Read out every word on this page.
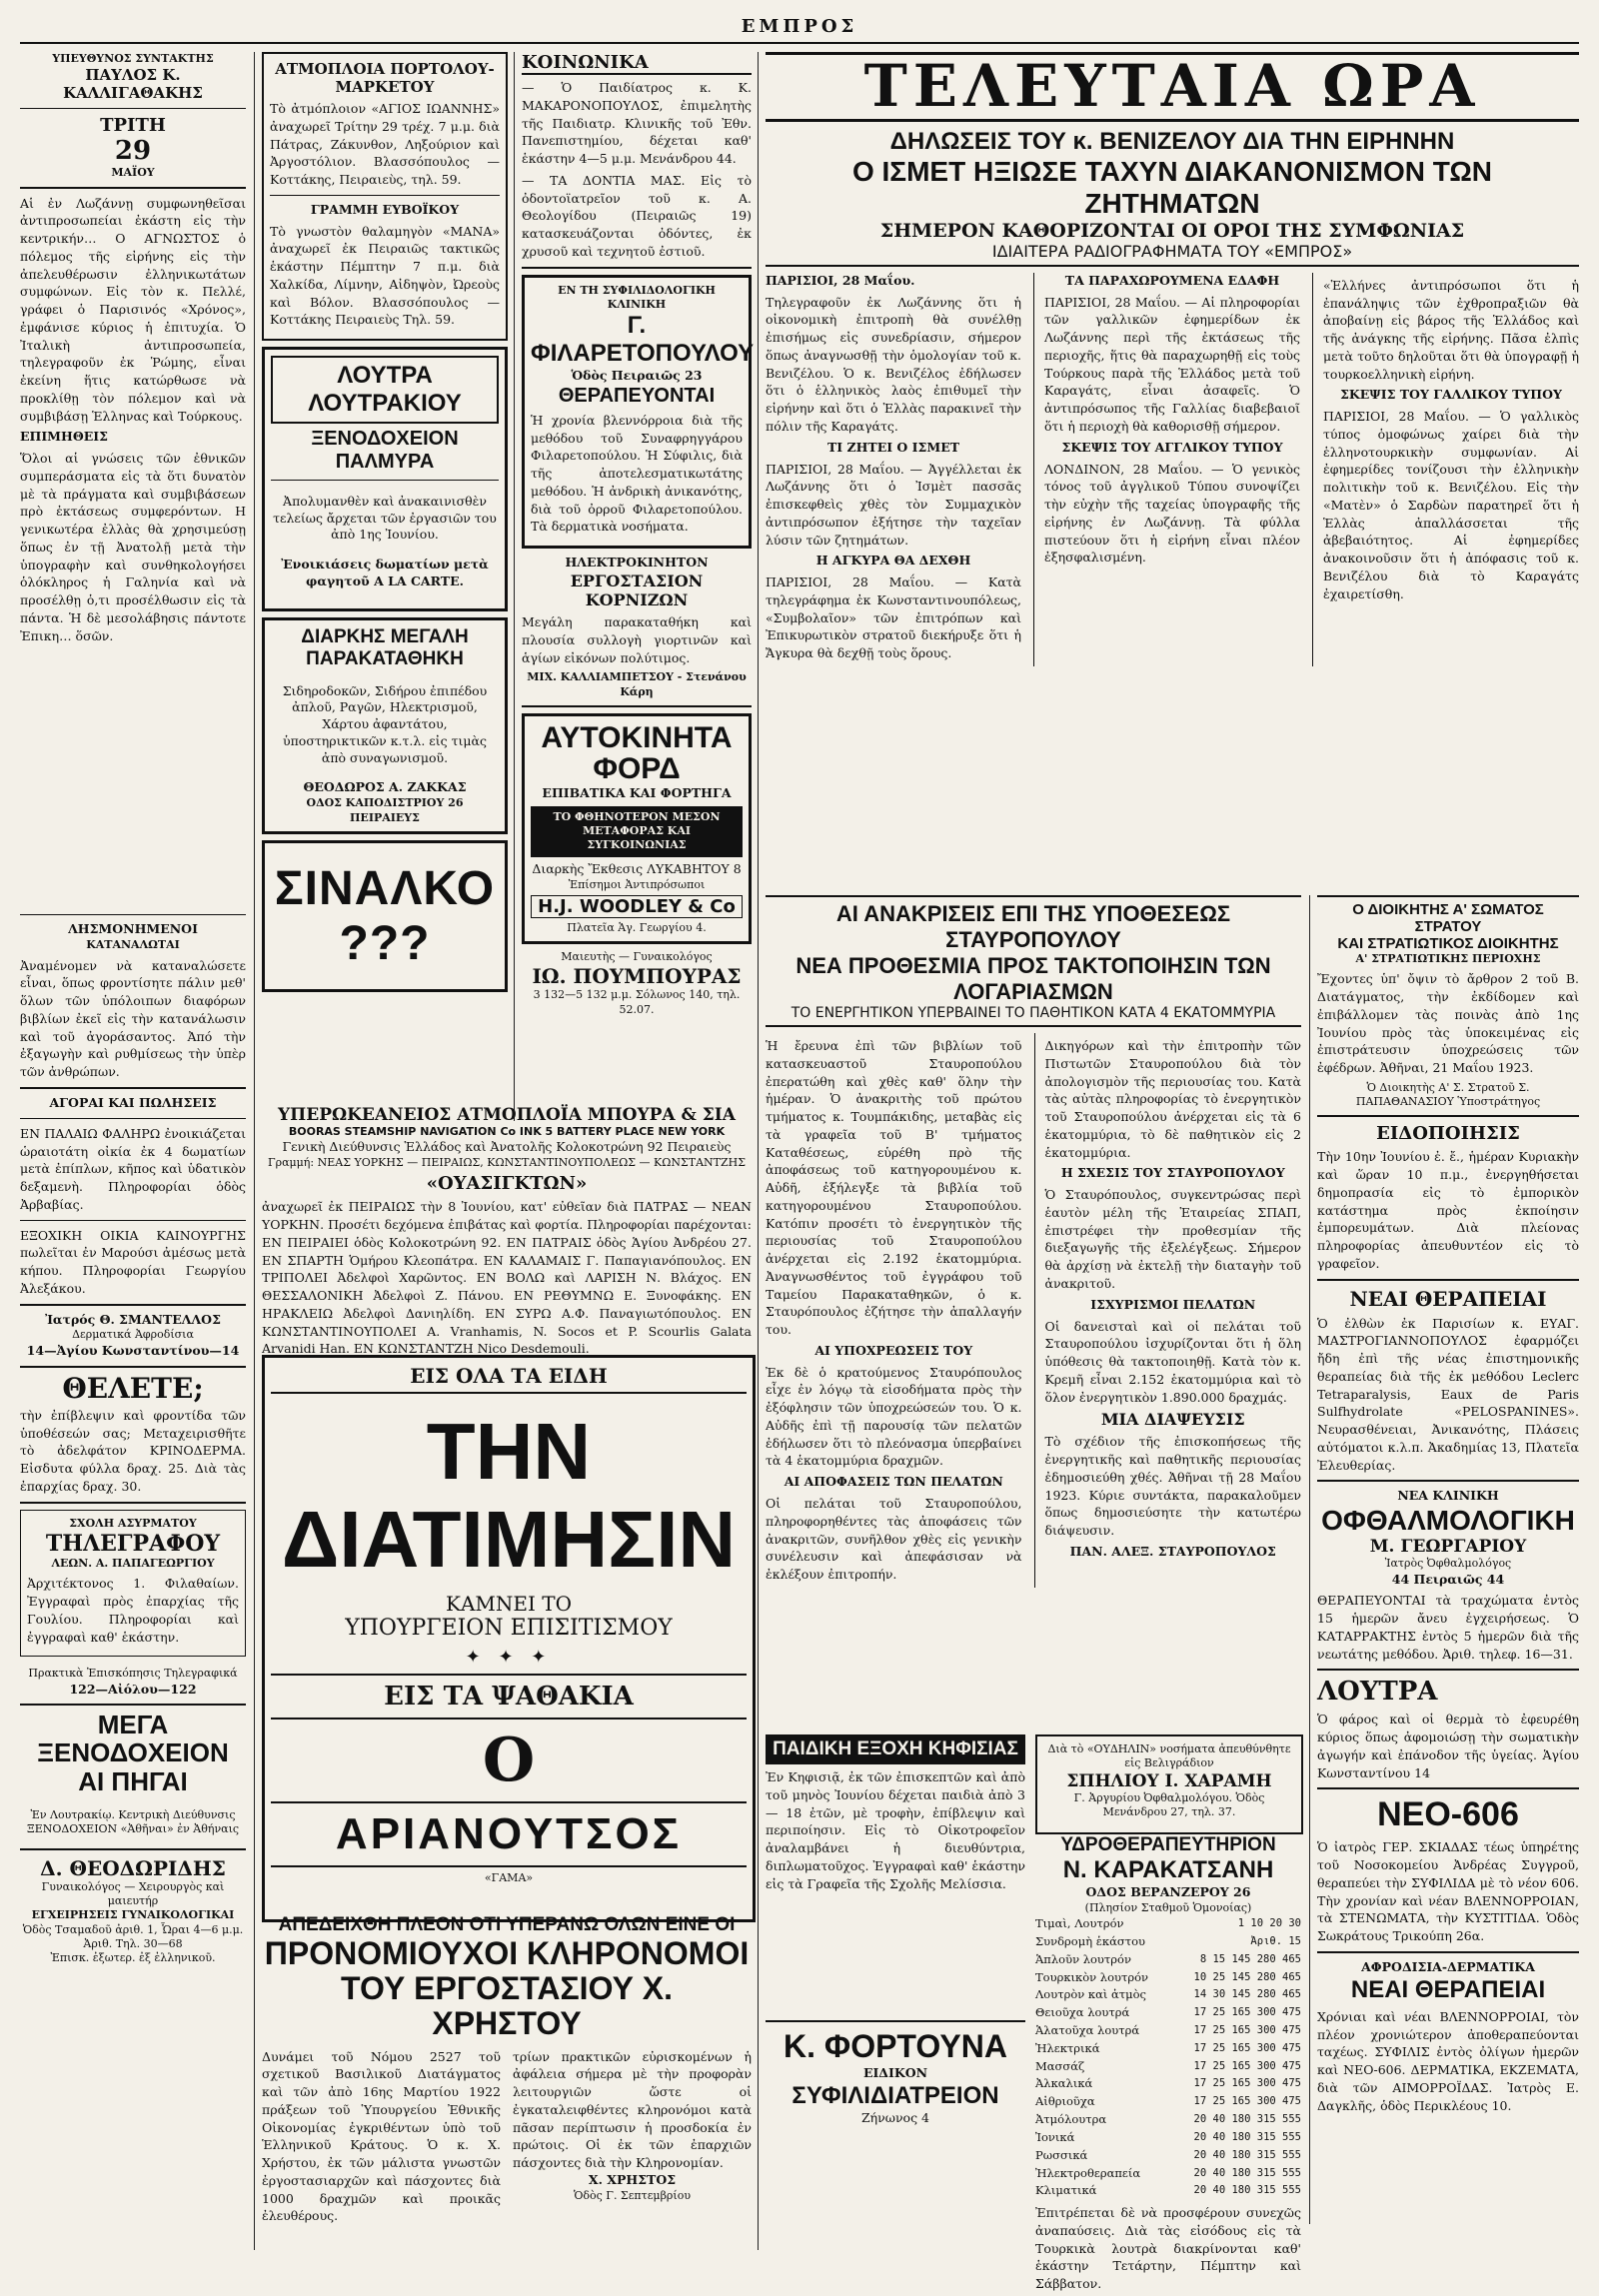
ΕΜΠΡΟΣ
ΥΠΕΥΘΥΝΟΣ ΣΥΝΤΑΚΤΗΣ
ΠΑΥΛΟΣ Κ. ΚΑΛΛΙΓΑΘΑΚΗΣ
ΤΡΙΤΗ
29
ΜΑΪΟΥ

Αἱ ἐν Λωζάννῃ συμφωνηθεῖσαι ἀντιπροσωπείαι ἐκάστη εἰς τὴν κεντρικήν… Ο ΑΓΝΩΣΤΟΣ ὁ πόλεμος τῆς εἰρήνης εἰς τὴν ἀπελευθέρωσιν ἐλληνικωτάτων συμφώνων. Εἰς τὸν κ. Πελλέ, γράφει ὁ Παρισινός «Χρόνος», ἐμφάνισε κύριος ἡ ἐπιτυχία. Ὁ Ἰταλικὴ ἀντιπροσωπεία, τηλεγραφοῦν ἐκ Ῥώμης, εἶναι ἐκείνη ἥτις κατώρθωσε νὰ προκλίθῃ τὸν πόλεμον καὶ νὰ συμβιβάσῃ Ἑλληνας καὶ Τούρκους.

ΕΠΙΜΗΘΕΙΣ

Ὅλοι αἱ γνώσεις τῶν ἐθνικῶν συμπεράσματα εἰς τὰ ὅτι δυνατὸν μὲ τὰ πράγματα καὶ συμβιβάσεων πρὸ ἐκτάσεως συμφερόντων. Η γενικωτέρα ἐλλὰς θὰ χρησιμεύσῃ ὅπως ἐν τῇ Ἀνατολῇ μετὰ τὴν ὑπογραφὴν καὶ συνθηκολογήσει ὁλόκληρος ἡ Γαληνία καὶ νὰ προσέλθῃ ὁ,τι προσέλθωσιν εἰς τὰ πάντα. Ἡ δὲ μεσολάβησις πάντοτε Ἐπικη… ὅσῶν.

ΛΗΣΜΟΝΗΜΕΝΟΙ
ΚΑΤΑΝΑΛΩΤΑΙ

Ἀναμένομεν νὰ καταναλώσετε εἶναι, ὅπως φροντίσητε πάλιν μεθ' ὅλων τῶν ὑπόλοιπων διαφόρων βιβλίων ἐκεῖ εἰς τὴν κατανάλωσιν καὶ τοῦ ἀγοράσαντος. Ἀπό τὴν ἐξαγωγὴν καὶ ρυθμίσεως τὴν ὑπὲρ τῶν ἀνθρώπων.

ΑΓΟΡΑΙ ΚΑΙ ΠΩΛΗΣΕΙΣ

ΕΝ ΠΑΛΑΙΩ ΦΑΛΗΡΩ ἐνοικιάζεται ὡραιοτάτη οἰκία ἐκ 4 δωματίων μετὰ ἐπίπλων, κῆπος καὶ ὑδατικὸν δεξαμενὴ. Πληροφορίαι ὁδὸς Ἀρβαβίας.

ΕΞΟΧΙΚΗ ΟΙΚΙΑ ΚΑΙΝΟΥΡΓΗΣ πωλεῖται ἐν Μαρούσι ἀμέσως μετὰ κήπου. Πληροφορίαι Γεωργίου Ἀλεξάκου.

Ἰατρός Θ. ΣΜΑΝΤΕΛΛΟΣ
Δερματικά Ἀφροδίσια
14—Ἀγίου Κωνσταντίνου—14
ΘΕΛΕΤΕ;

τὴν ἐπίβλεψιν καὶ φροντίδα τῶν ὑποθέσεών σας; Μεταχειρισθῆτε τὸ ἀδελφάτον ΚΡΙΝΟΔΕΡΜΑ. Εἰσδυτα φύλλα δραχ. 25. Διὰ τὰς ἐπαρχίας δραχ. 30.

ΣΧΟΛΗ ΑΣΥΡΜΑΤΟΥ
ΤΗΛΕΓΡΑΦΟΥ
ΛΕΩΝ. Α. ΠΑΠΑΓΕΩΡΓΙΟΥ

Ἀρχιτέκτονος 1. Φιλαθαίων. Ἐγγραφαὶ πρὸς ἐπαρχίας τῆς Γουλίου. Πληροφορίαι καὶ ἐγγραφαὶ καθ' ἑκάστην.

Πρακτικὰ Ἐπισκόπησις Τηλεγραφικά
122—Αἰόλου—122
ΜΕΓΑ ΞΕΝΟΔΟΧΕΙΟΝ
ΑΙ ΠΗΓΑΙ

Ἐν Λουτρακίῳ. Κεντρικὴ Διεύθυνσις ΞΕΝΟΔΟΧΕΙΟΝ «Ἀθῆναι» ἐν Ἀθήναις

Δ. ΘΕΟΔΩΡΙΔΗΣ
Γυναικολόγος — Χειρουργὸς καὶ μαιευτήρ
ΕΓΧΕΙΡΗΣΕΙΣ ΓΥΝΑΙΚΟΛΟΓΙΚΑΙ
Ὁδὸς Τσαμαδοῦ ἀριθ. 1, Ὧραι 4—6 μ.μ. Ἀριθ. Τηλ. 30—68
Ἐπισκ. ἐξωτερ. ἐξ ἐλληνικοῦ.
ΑΤΜΟΠΛΟΙΑ ΠΟΡΤΟΛΟΥ-ΜΑΡΚΕΤΟΥ

Τὸ ἀτμόπλοιον «ΑΓΙΟΣ ΙΩΑΝΝΗΣ» ἀναχωρεῖ Τρίτην 29 τρέχ. 7 μ.μ. διὰ Πάτρας, Ζάκυνθον, Ληξούριον καὶ Ἀργοστόλιον. Βλασσόπουλος — Κοττάκης, Πειραιεὺς, τηλ. 59.

ΓΡΑΜΜΗ ΕΥΒΟΪΚΟΥ

Τὸ γνωστὸν θαλαμηγὸν «ΜΑΝΑ» ἀναχωρεῖ ἐκ Πειραιῶς τακτικῶς ἑκάστην Πέμπτην 7 π.μ. διὰ Χαλκίδα, Λίμνην, Αἰδηψὸν, Ὠρεοὺς καὶ Βόλον. Βλασσόπουλος — Κοττάκης Πειραιεὺς Τηλ. 59.

ΛΟΥΤΡΑ ΛΟΥΤΡΑΚΙΟΥ
ΞΕΝΟΔΟΧΕΙΟΝ ΠΑΛΜΥΡΑ

Ἀπολυμανθὲν καὶ ἀνακαινισθὲν τελείως ἄρχεται τῶν ἐργασιῶν του ἀπὸ 1ης Ἰουνίου.

Ἐνοικιάσεις δωματίων μετὰ φαγητοῦ A LA CARTE.

ΔΙΑΡΚΗΣ ΜΕΓΑΛΗ ΠΑΡΑΚΑΤΑΘΗΚΗ

Σιδηροδοκῶν, Σιδήρου ἐπιπέδου ἀπλοῦ, Ραγῶν, Ηλεκτρισμοῦ, Χάρτου ἀφαντάτου, ὑποστηρικτικῶν κ.τ.λ. εἰς τιμὰς ἀπὸ συναγωνισμοῦ.

ΘΕΟΔΩΡΟΣ Α. ΖΑΚΚΑΣ
ΟΔΟΣ ΚΑΠΟΔΙΣΤΡΙΟΥ 26 ΠΕΙΡΑΙΕΥΣ
ΣΙΝΑΛΚΟ ???
ΚΟΙΝΩΝΙΚΑ

— Ὁ Παιδίατρος κ. Κ. ΜΑΚΑΡΟΝΟΠΟΥΛΟΣ, ἐπιμελητὴς τῆς Παιδιατρ. Κλινικῆς τοῦ Ἐθν. Πανεπιστημίου, δέχεται καθ' ἑκάστην 4—5 μ.μ. Μενάνδρου 44.

— ΤΑ ΔΟΝΤΙΑ ΜΑΣ. Εἰς τὸ ὀδοντοϊατρεῖον τοῦ κ. Α. Θεολογίδου (Πειραιῶς 19) κατασκευάζονται ὀδόντες, ἐκ χρυσοῦ καὶ τεχνητοῦ ἐστιοῦ.

ΕΝ ΤΗ ΣΥΦΙΛΙΔΟΛΟΓΙΚΗ ΚΛΙΝΙΚΗ
Γ. ΦΙΛΑΡΕΤΟΠΟΥΛΟΥ
Ὁδὸς Πειραιῶς 23
ΘΕΡΑΠΕΥΟΝΤΑΙ

Ἡ χρονία βλεννόρροια διὰ τῆς μεθόδου τοῦ Συναφρηγγάρου Φιλαρετοπούλου. Ἡ Σύφιλις, διὰ τῆς ἀποτελεσματικωτάτης μεθόδου. Ἡ ἀνδρικὴ ἀνικανότης, διὰ τοῦ ὀρροῦ Φιλαρετοπούλου. Τὰ δερματικὰ νοσήματα.

ΗΛΕΚΤΡΟΚΙΝΗΤΟΝ
ΕΡΓΟΣΤΑΣΙΟΝ ΚΟΡΝΙΖΩΝ

Μεγάλη παρακαταθήκη καὶ πλουσία συλλογὴ γιορτινῶν καὶ ἁγίων εἰκόνων πολύτιμος.

ΜΙΧ. ΚΑΛΛΙΑΜΠΕΤΣΟΥ - Στενάνου Κάρη
ΑΥΤΟΚΙΝΗΤΑ ΦΟΡΔ
ΕΠΙΒΑΤΙΚΑ ΚΑΙ ΦΟΡΤΗΓΑ
ΤΟ ΦΘΗΝΟΤΕΡΟΝ ΜΕΣΟΝ ΜΕΤΑΦΟΡΑΣ ΚΑΙ ΣΥΓΚΟΙΝΩΝΙΑΣ
Διαρκὴς Ἔκθεσις ΛΥΚΑΒΗΤΟΥ 8
Ἐπίσημοι Ἀντιπρόσωποι
H.J. WOODLEY & Co
Πλατεῖα Ἁγ. Γεωργίου 4.
Μαιευτὴς — Γυναικολόγος
ΙΩ. ΠΟΥΜΠΟΥΡΑΣ
3 132—5 132 μ.μ. Σόλωνος 140, τηλ. 52.07.
ΥΠΕΡΩΚΕΑΝΕΙΟΣ ΑΤΜΟΠΛΟΪΑ ΜΠΟΥΡΑ & ΣΙΑ
BOORAS STEAMSHIP NAVIGATION Co INK 5 BATTERY PLACE NEW YORK
Γενικὴ Διεύθυνσις Ἑλλάδος καὶ Ἀνατολῆς Κολοκοτρώνη 92 Πειραιεὺς
Γραμμή: ΝΕΑΣ ΥΟΡΚΗΣ — ΠΕΙΡΑΙΩΣ, ΚΩΝΣΤΑΝΤΙΝΟΥΠΟΛΕΩΣ — ΚΩΝΣΤΑΝΤΖΗΣ
«ΟΥΑΣΙΓΚΤΩΝ»

ἀναχωρεῖ ἐκ ΠΕΙΡΑΙΩΣ τὴν 8 Ἰουνίου, κατ' εὐθεῖαν διὰ ΠΑΤΡΑΣ — ΝΕΑΝ ΥΟΡΚΗΝ. Προσέτι δεχόμενα ἐπιβάτας καὶ φορτία. Πληροφορίαι παρέχονται: ΕΝ ΠΕΙΡΑΙΕΙ ὁδὸς Κολοκοτρώνη 92. ΕΝ ΠΑΤΡΑΙΣ ὁδὸς Ἁγίου Ἀνδρέου 27. ΕΝ ΣΠΑΡΤΗ Ὁμήρου Κλεοπάτρα. ΕΝ ΚΑΛΑΜΑΙΣ Γ. Παπαγιανόπουλος. ΕΝ ΤΡΙΠΟΛΕΙ Ἀδελφοὶ Χαρῶντος. ΕΝ ΒΟΛΩ καὶ ΛΑΡΙΣΗ Ν. Βλάχος. ΕΝ ΘΕΣΣΑΛΟΝΙΚΗ Ἀδελφοὶ Ζ. Πάνου. ΕΝ ΡΕΘΥΜΝΩ Ε. Ξυνοφάκης. ΕΝ ΗΡΑΚΛΕΙΩ Ἀδελφοὶ Δανιηλίδη. ΕΝ ΣΥΡΩ Α.Φ. Παναγιωτόπουλος. ΕΝ ΚΩΝΣΤΑΝΤΙΝΟΥΠΟΛΕΙ A. Vranhamis, N. Socos et P. Scourlis Galata Arvanidi Han. ΕΝ ΚΩΝΣΤΑΝΤΖΗ Nico Desdemouli.

ΕΙΣ ΟΛΑ ΤΑ ΕΙΔΗ
ΤΗΝ ΔΙΑΤΙΜΗΣΙΝ
ΚΑΜΝΕΙ ΤΟ
ΥΠΟΥΡΓΕΙΟΝ ΕΠΙΣΙΤΙΣΜΟΥ
✦ ✦ ✦
ΕΙΣ ΤΑ ΨΑΘΑΚΙΑ
Ο
ΑΡΙΑΝΟΥΤΣΟΣ
«ΓΑΜΑ»
ΑΠΕΔΕΙΧΘΗ ΠΛΕΟΝ ΟΤΙ ΥΠΕΡΑΝΩ ΟΛΩΝ ΕΙΝΕ ΟΙ
ΠΡΟΝΟΜΙΟΥΧΟΙ ΚΛΗΡΟΝΟΜΟΙ
ΤΟΥ ΕΡΓΟΣΤΑΣΙΟΥ Χ. ΧΡΗΣΤΟΥ

Δυνάμει τοῦ Νόμου 2527 τοῦ σχετικοῦ Βασιλικοῦ Διατάγματος καὶ τῶν ἀπὸ 16ης Μαρτίου 1922 πράξεων τοῦ Ὑπουργείου Ἐθνικῆς Οἰκονομίας ἐγκριθέντων ὑπὸ τοῦ Ἑλληνικοῦ Κράτους. Ὁ κ. Χ. Χρήστου, ἐκ τῶν μάλιστα γνωστῶν ἐργοστασιαρχῶν καὶ πάσχοντες διὰ 1000 δραχμῶν καὶ προικᾶς ἐλευθέρους.

τρίων πρακτικῶν εὐρισκομένων ἡ ἀφάλεια σήμερα μὲ τὴν προφορὰν λειτουργιῶν ὥστε οἱ ἐγκαταλειφθέντες κληρονόμοι κατὰ πᾶσαν περίπτωσιν ἡ προσδοκία ἐν πρώτοις. Οἱ ἐκ τῶν ἐπαρχιῶν πάσχοντες διὰ τὴν Κληρονομίαν.

Χ. ΧΡΗΣΤΟΣ
Ὁδὸς Γ. Σεπτεμβρίου
ΤΕΛΕΥΤΑΙΑ ΩΡΑ
ΔΗΛΩΣΕΙΣ ΤΟΥ κ. ΒΕΝΙΖΕΛΟΥ ΔΙΑ ΤΗΝ ΕΙΡΗΝΗΝ
Ο ΙΣΜΕΤ ΗΞΙΩΣΕ ΤΑΧΥΝ ΔΙΑΚΑΝΟΝΙΣΜΟΝ ΤΩΝ ΖΗΤΗΜΑΤΩΝ
ΣΗΜΕΡΟΝ ΚΑΘΟΡΙΖΟΝΤΑΙ ΟΙ ΟΡΟΙ ΤΗΣ ΣΥΜΦΩΝΙΑΣ
ΙΔΙΑΙΤΕΡΑ ΡΑΔΙΟΓΡΑΦΗΜΑΤΑ ΤΟΥ «ΕΜΠΡΟΣ»
ΠΑΡΙΣΙΟΙ, 28 Μαΐου.

Τηλεγραφοῦν ἐκ Λωζάννης ὅτι ἡ οἰκονομικὴ ἐπιτροπὴ θὰ συνέλθῃ ἐπισήμως εἰς συνεδρίασιν, σήμερον ὅπως ἀναγνωσθῇ τὴν ὁμολογίαν τοῦ κ. Βενιζέλου. Ὁ κ. Βενιζέλος ἐδήλωσεν ὅτι ὁ ἑλληνικὸς λαὸς ἐπιθυμεῖ τὴν εἰρήνην καὶ ὅτι ὁ Ἑλλὰς παρακινεῖ τὴν πόλιν τῆς Καραγάτς.

ΤΙ ΖΗΤΕΙ Ο ΙΣΜΕΤ

ΠΑΡΙΣΙΟΙ, 28 Μαΐου. — Ἀγγέλλεται ἐκ Λωζάννης ὅτι ὁ Ἰσμὲτ πασσᾶς ἐπισκεφθεὶς χθὲς τὸν Συμμαχικὸν ἀντιπρόσωπον ἐξήτησε τὴν ταχεῖαν λύσιν τῶν ζητημάτων.

Η ΑΓΚΥΡΑ ΘΑ ΔΕΧΘΗ

ΠΑΡΙΣΙΟΙ, 28 Μαΐου. — Κατὰ τηλεγράφημα ἐκ Κωνσταντινουπόλεως, «Συμβολαῖον» τῶν ἐπιτρόπων καὶ Ἐπικυρωτικὸν στρατοῦ διεκήρυξε ὅτι ἡ Ἄγκυρα θὰ δεχθῇ τοὺς ὅρους.

ΤΑ ΠΑΡΑΧΩΡΟΥΜΕΝΑ ΕΔΑΦΗ

ΠΑΡΙΣΙΟΙ, 28 Μαΐου. — Αἱ πληροφορίαι τῶν γαλλικῶν ἐφημερίδων ἐκ Λωζάννης περὶ τῆς ἐκτάσεως τῆς περιοχῆς, ἥτις θὰ παραχωρηθῇ εἰς τοὺς Τούρκους παρὰ τῆς Ἑλλάδος μετὰ τοῦ Καραγάτς, εἶναι ἀσαφεῖς. Ὁ ἀντιπρόσωπος τῆς Γαλλίας διαβεβαιοῖ ὅτι ἡ περιοχὴ θὰ καθορισθῇ σήμερον.

ΣΚΕΨΙΣ ΤΟΥ ΑΓΓΛΙΚΟΥ ΤΥΠΟΥ

ΛΟΝΔΙΝΟΝ, 28 Μαΐου. — Ὁ γενικὸς τόνος τοῦ ἀγγλικοῦ Τύπου συνοψίζει τὴν εὐχὴν τῆς ταχείας ὑπογραφῆς τῆς εἰρήνης ἐν Λωζάννῃ. Τὰ φύλλα πιστεύουν ὅτι ἡ εἰρήνη εἶναι πλέον ἐξησφαλισμένη.

«Ἑλλήνες ἀντιπρόσωποι ὅτι ἡ ἐπανάληψις τῶν ἐχθροπραξιῶν θὰ ἀποβαίνῃ εἰς βάρος τῆς Ἑλλάδος καὶ τῆς ἀνάγκης τῆς εἰρήνης. Πᾶσα ἐλπὶς μετὰ τοῦτο δηλοῦται ὅτι θὰ ὑπογραφῇ ἡ τουρκοελληνικὴ εἰρήνη.

ΣΚΕΨΙΣ ΤΟΥ ΓΑΛΛΙΚΟΥ ΤΥΠΟΥ

ΠΑΡΙΣΙΟΙ, 28 Μαΐου. — Ὁ γαλλικὸς τύπος ὁμοφώνως χαίρει διὰ τὴν ἑλληνοτουρκικὴν συμφωνίαν. Αἱ ἐφημερίδες τονίζουσι τὴν ἐλληνικὴν πολιτικὴν τοῦ κ. Βενιζέλου. Εἰς τὴν «Ματὲν» ὁ Σαρδὼν παρατηρεῖ ὅτι ἡ Ἑλλὰς ἀπαλλάσσεται τῆς ἀβεβαιότητος. Αἱ ἐφημερίδες ἀνακοινοῦσιν ὅτι ἡ ἀπόφασις τοῦ κ. Βενιζέλου διὰ τὸ Καραγάτς ἐχαιρετίσθη.

ΑΙ ΑΝΑΚΡΙΣΕΙΣ ΕΠΙ ΤΗΣ ΥΠΟΘΕΣΕΩΣ ΣΤΑΥΡΟΠΟΥΛΟΥ
ΝΕΑ ΠΡΟΘΕΣΜΙΑ ΠΡΟΣ ΤΑΚΤΟΠΟΙΗΣΙΝ ΤΩΝ ΛΟΓΑΡΙΑΣΜΩΝ
ΤΟ ΕΝΕΡΓΗΤΙΚΟΝ ΥΠΕΡΒΑΙΝΕΙ ΤΟ ΠΑΘΗΤΙΚΟΝ ΚΑΤΑ 4 ΕΚΑΤΟΜΜΥΡΙΑ

Ἡ ἔρευνα ἐπὶ τῶν βιβλίων τοῦ κατασκευαστοῦ Σταυροπούλου ἐπερατώθη καὶ χθὲς καθ' ὅλην τὴν ἡμέραν. Ὁ ἀνακριτὴς τοῦ πρώτου τμήματος κ. Τουμπάκιδης, μεταβὰς εἰς τὰ γραφεῖα τοῦ Β' τμήματος Καταθέσεως, εὑρέθη πρὸ τῆς ἀποφάσεως τοῦ κατηγορουμένου κ. Αὐδῆ, ἐξήλεγξε τὰ βιβλία τοῦ κατηγορουμένου Σταυροπούλου. Κατόπιν προσέτι τὸ ἐνεργητικὸν τῆς περιουσίας τοῦ Σταυροπούλου ἀνέρχεται εἰς 2.192 ἑκατομμύρια. Ἀναγνωσθέντος τοῦ ἐγγράφου τοῦ Ταμείου Παρακαταθηκῶν, ὁ κ. Σταυρόπουλος ἐζήτησε τὴν ἀπαλλαγήν του.

ΑΙ ΥΠΟΧΡΕΩΣΕΙΣ ΤΟΥ

Ἐκ δὲ ὁ κρατούμενος Σταυρόπουλος εἶχε ἐν λόγῳ τὰ εἰσοδήματα πρὸς τὴν ἐξόφλησιν τῶν ὑποχρεώσεών του. Ὁ κ. Αὐδῆς ἐπὶ τῇ παρουσίᾳ τῶν πελατῶν ἐδήλωσεν ὅτι τὸ πλεόνασμα ὑπερβαίνει τὰ 4 ἑκατομμύρια δραχμῶν.

ΑΙ ΑΠΟΦΑΣΕΙΣ ΤΩΝ ΠΕΛΑΤΩΝ

Οἱ πελάται τοῦ Σταυροπούλου, πληροφορηθέντες τὰς ἀποφάσεις τῶν ἀνακριτῶν, συνῆλθον χθὲς εἰς γενικὴν συνέλευσιν καὶ ἀπεφάσισαν νὰ ἐκλέξουν ἐπιτροπήν.

Δικηγόρων καὶ τὴν ἐπιτροπὴν τῶν Πιστωτῶν Σταυροπούλου διὰ τὸν ἀπολογισμὸν τῆς περιουσίας του. Κατὰ τὰς αὐτὰς πληροφορίας τὸ ἐνεργητικὸν τοῦ Σταυροπούλου ἀνέρχεται εἰς τὰ 6 ἑκατομμύρια, τὸ δὲ παθητικὸν εἰς 2 ἑκατομμύρια.

Η ΣΧΕΣΙΣ ΤΟΥ ΣΤΑΥΡΟΠΟΥΛΟΥ

Ὁ Σταυρόπουλος, συγκεντρώσας περὶ ἑαυτὸν μέλη τῆς Ἑταιρείας ΣΠΑΠ, ἐπιστρέφει τὴν προθεσμίαν τῆς διεξαγωγῆς τῆς ἐξελέγξεως. Σήμερον θὰ ἀρχίσῃ νὰ ἐκτελῇ τὴν διαταγὴν τοῦ ἀνακριτοῦ.

ΙΣΧΥΡΙΣΜΟΙ ΠΕΛΑΤΩΝ

Οἱ δανεισταὶ καὶ οἱ πελάται τοῦ Σταυροπούλου ἰσχυρίζονται ὅτι ἡ ὅλη ὑπόθεσις θὰ τακτοποιηθῇ. Κατὰ τὸν κ. Κρεμῆ εἶναι 2.152 ἑκατομμύρια καὶ τὸ ὅλον ἐνεργητικὸν 1.890.000 δραχμάς.

ΜΙΑ ΔΙΑΨΕΥΣΙΣ

Τὸ σχέδιον τῆς ἐπισκοπήσεως τῆς ἐνεργητικῆς καὶ παθητικῆς περιουσίας ἐδημοσιεύθη χθές. Ἀθῆναι τῇ 28 Μαΐου 1923. Κύριε συντάκτα, παρακαλοῦμεν ὅπως δημοσιεύσητε τὴν κατωτέρω διάψευσιν.

ΠΑΝ. ΑΛΕΞ. ΣΤΑΥΡΟΠΟΥΛΟΣ
Ο ΔΙΟΙΚΗΤΗΣ Α' ΣΩΜΑΤΟΣ ΣΤΡΑΤΟΥ
ΚΑΙ ΣΤΡΑΤΙΩΤΙΚΟΣ ΔΙΟΙΚΗΤΗΣ
Α' ΣΤΡΑΤΙΩΤΙΚΗΣ ΠΕΡΙΟΧΗΣ

Ἔχοντες ὑπ' ὄψιν τὸ ἄρθρον 2 τοῦ Β. Διατάγματος, τὴν ἐκδίδομεν καὶ ἐπιβάλλομεν τὰς ποινὰς ἀπὸ 1ης Ἰουνίου πρὸς τὰς ὑποκειμένας εἰς ἐπιστράτευσιν ὑποχρεώσεις τῶν ἐφέδρων. Ἀθῆναι, 21 Μαΐου 1923.

Ὁ Διοικητὴς Α' Σ. Στρατοῦ Σ. ΠΑΠΑΘΑΝΑΣΙΟΥ Ὑποστράτηγος
ΕΙΔΟΠΟΙΗΣΙΣ

Τὴν 10ην Ἰουνίου ἐ. ἔ., ἡμέραν Κυριακὴν καὶ ὥραν 10 π.μ., ἐνεργηθήσεται δημοπρασία εἰς τὸ ἐμπορικὸν κατάστημα πρὸς ἐκποίησιν ἐμπορευμάτων. Διὰ πλείονας πληροφορίας ἀπευθυντέον εἰς τὸ γραφεῖον.

ΝΕΑΙ ΘΕΡΑΠΕΙΑΙ

Ὁ ἐλθὼν ἐκ Παρισίων κ. ΕΥΑΓ. ΜΑΣΤΡΟΓΙΑΝΝΟΠΟΥΛΟΣ ἐφαρμόζει ἤδη ἐπὶ τῆς νέας ἐπιστημονικῆς θεραπείας διὰ τῆς ἐκ μεθόδου Leclerc Tetraparalysis, Eaux de Paris Sulfhydrolate «PELOSPANINES». Νευρασθένειαι, Ἀνικανότης, Πλάσεις αὐτόματοι κ.λ.π. Ἀκαδημίας 13, Πλατεῖα Ἐλευθερίας.

ΝΕΑ ΚΛΙΝΙΚΗ
ΟΦΘΑΛΜΟΛΟΓΙΚΗ
Μ. ΓΕΩΡΓΑΡΙΟΥ
Ἰατρὸς Ὀφθαλμολόγος
44 Πειραιῶς 44

ΘΕΡΑΠΕΥΟΝΤΑΙ τὰ τραχώματα ἐντὸς 15 ἡμερῶν ἄνευ ἐγχειρήσεως. Ὁ ΚΑΤΑΡΡΑΚΤΗΣ ἐντὸς 5 ἡμερῶν διὰ τῆς νεωτάτης μεθόδου. Ἀριθ. τηλεφ. 16—31.

ΛΟΥΤΡΑ

Ὁ φάρος καὶ οἱ θερμὰ τὸ ἐφευρέθη κύριος ὅπως ἀφομοιώσῃ τὴν σωματικὴν ἀγωγήν καὶ ἐπάνοδον τῆς ὑγείας. Ἁγίου Κωνσταντίνου 14

ΝΕΟ-606

Ὁ ἰατρὸς ΓΕΡ. ΣΚΙΑΔΑΣ τέως ὑπηρέτης τοῦ Νοσοκομείου Ἀνδρέας Συγγροῦ, θεραπεύει τὴν ΣΥΦΙΛΙΔΑ μὲ τὸ νέον 606. Τὴν χρονίαν καὶ νέαν ΒΛΕΝΝΟΡΡΟΙΑΝ, τὰ ΣΤΕΝΩΜΑΤΑ, τὴν ΚΥΣΤΙΤΙΔΑ. Ὁδὸς Σωκράτους Τρικούπη 26α.

ΑΦΡΟΔΙΣΙΑ-ΔΕΡΜΑΤΙΚΑ
ΝΕΑΙ ΘΕΡΑΠΕΙΑΙ

Χρόνιαι καὶ νέαι ΒΛΕΝΝΟΡΡΟΙΑΙ, τὸν πλέον χρονιώτερον ἀποθεραπεύονται ταχέως. ΣΥΦΙΛΙΣ ἐντὸς ὀλίγων ἡμερῶν καὶ ΝΕΟ-606. ΔΕΡΜΑΤΙΚΑ, ΕΚΖΕΜΑΤΑ, διὰ τῶν ΑΙΜΟΡΡΟΪΔΑΣ. Ἰατρὸς Ε. Δαγκλῆς, ὁδὸς Περικλέους 10.

ΠΑΙΔΙΚΗ ΕΞΟΧΗ ΚΗΦΙΣΙΑΣ

Ἐν Κηφισιᾷ, ἐκ τῶν ἐπισκεπτῶν καὶ ἀπὸ τοῦ μηνὸς Ἰουνίου δέχεται παιδιὰ ἀπὸ 3 — 18 ἐτῶν, μὲ τροφὴν, ἐπίβλεψιν καὶ περιποίησιν. Εἰς τὸ Οἰκοτροφεῖον ἀναλαμβάνει ἡ διευθύντρια, διπλωματοῦχος. Ἐγγραφαὶ καθ' ἑκάστην εἰς τὰ Γραφεῖα τῆς Σχολῆς Μελίσσια.

Διὰ τὸ «ΟΥΔΗΛΙΝ» νοσήματα ἀπευθύνθητε εἰς Βελιγράδιον
ΣΠΗΛΙΟΥ Ι. ΧΑΡΑΜΗ
Γ. Ἀργυρίου Ὀφθαλμολόγου. Ὁδὸς Μενάνδρου 27, τηλ. 37.
ΥΔΡΟΘΕΡΑΠΕΥΤΗΡΙΟΝ
Ν. ΚΑΡΑΚΑΤΣΑΝΗ
ΟΔΟΣ ΒΕΡΑΝΖΕΡΟΥ 26
(Πλησίον Σταθμοῦ Ὁμονοίας)
Τιμαὶ, Λουτρόν	1 10 20 30
Συνδρομὴ ἑκάστου	Ἀριθ. 15
Ἁπλοῦν λουτρόν	8 15 145 280 465
Τουρκικὸν λουτρόν	10 25 145 280 465
Λουτρὸν καὶ ἀτμὸς	14 30 145 280 465
Θειοῦχα λουτρά	17 25 165 300 475
Ἁλατοῦχα λουτρά	17 25 165 300 475
Ἠλεκτρικά	17 25 165 300 475
Μασσάζ	17 25 165 300 475
Ἀλκαλικά	17 25 165 300 475
Αἰθριοῦχα	17 25 165 300 475
Ἀτμόλουτρα	20 40 180 315 555
Ἰονικά	20 40 180 315 555
Ρωσσικά	20 40 180 315 555
Ἠλεκτροθεραπεία	20 40 180 315 555
Κλιματικά	20 40 180 315 555

Ἐπιτρέπεται δὲ νὰ προσφέρουν συνεχῶς ἀναπαύσεις. Διὰ τὰς εἰσόδους εἰς τὰ Τουρκικὰ λουτρὰ διακρίνονται καθ' ἑκάστην Τετάρτην, Πέμπτην καὶ Σάββατον.

Κ. ΦΟΡΤΟΥΝΑ
ΕΙΔΙΚΟΝ
ΣΥΦΙΛΙΔΙΑΤΡΕΙΟΝ
Ζήνωνος 4
